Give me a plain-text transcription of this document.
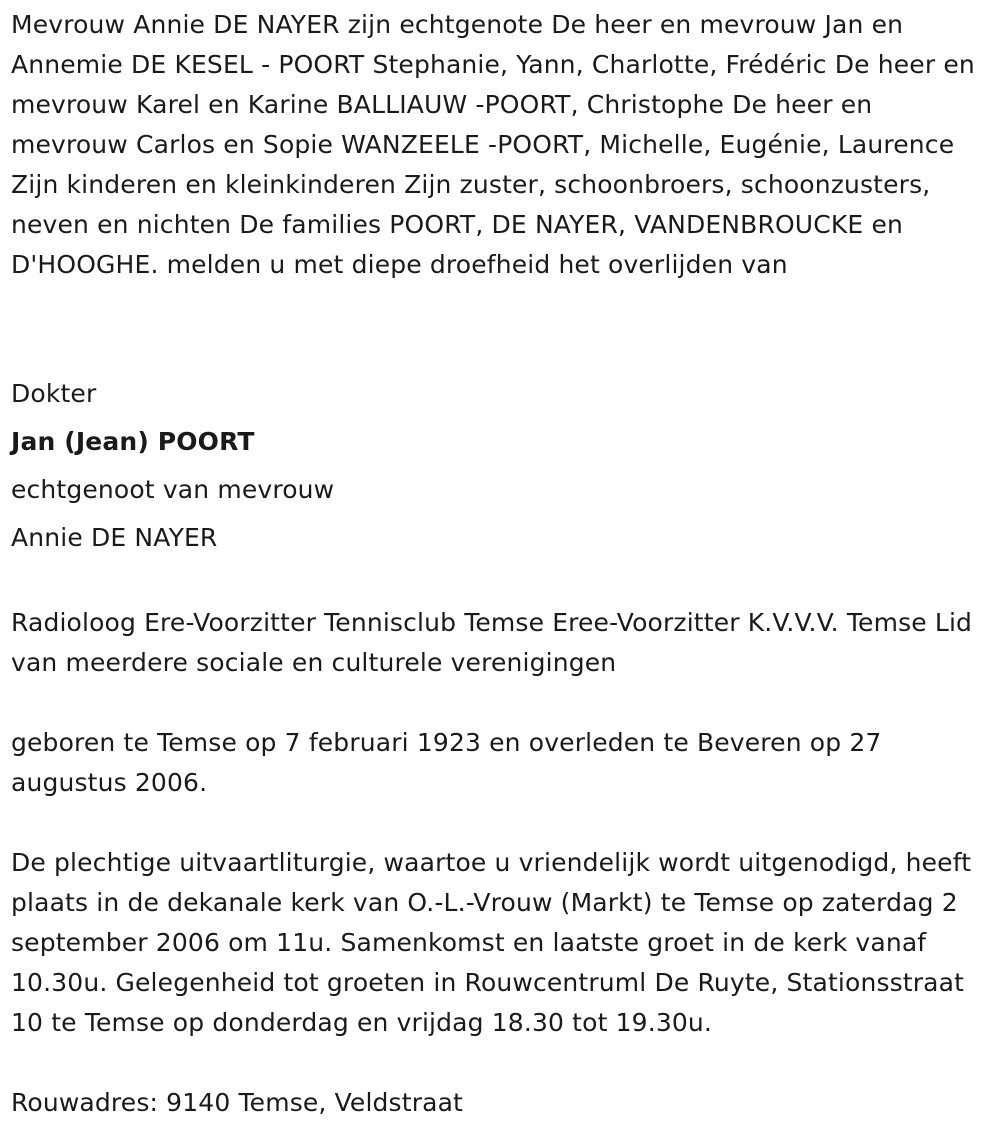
Mevrouw Annie DE NAYER zijn echtgenote De heer en mevrouw Jan en Annemie DE KESEL - POORT Stephanie, Yann, Charlotte, Frédéric De heer en mevrouw Karel en Karine BALLIAUW -POORT, Christophe De heer en mevrouw Carlos en Sopie WANZEELE -POORT, Michelle, Eugénie, Laurence Zijn kinderen en kleinkinderen Zijn zuster, schoonbroers, schoonzusters, neven en nichten De families POORT, DE NAYER, VANDENBROUCKE en D'HOOGHE. melden u met diepe droefheid het overlijden van

Dokter

Jan (Jean) POORT

echtgenoot van mevrouw

Annie DE NAYER

Radioloog Ere-Voorzitter Tennisclub Temse Eree-Voorzitter K.V.V.V. Temse Lid van meerdere sociale en culturele verenigingen

geboren te Temse op 7 februari 1923 en overleden te Beveren op 27 augustus 2006.

De plechtige uitvaartliturgie, waartoe u vriendelijk wordt uitgenodigd, heeft plaats in de dekanale kerk van O.-L.-Vrouw (Markt) te Temse op zaterdag 2 september 2006 om 11u. Samenkomst en laatste groet in de kerk vanaf 10.30u. Gelegenheid tot groeten in Rouwcentruml De Ruyte, Stationsstraat 10 te Temse op donderdag en vrijdag 18.30 tot 19.30u.

Rouwadres: 9140 Temse, Veldstraat
